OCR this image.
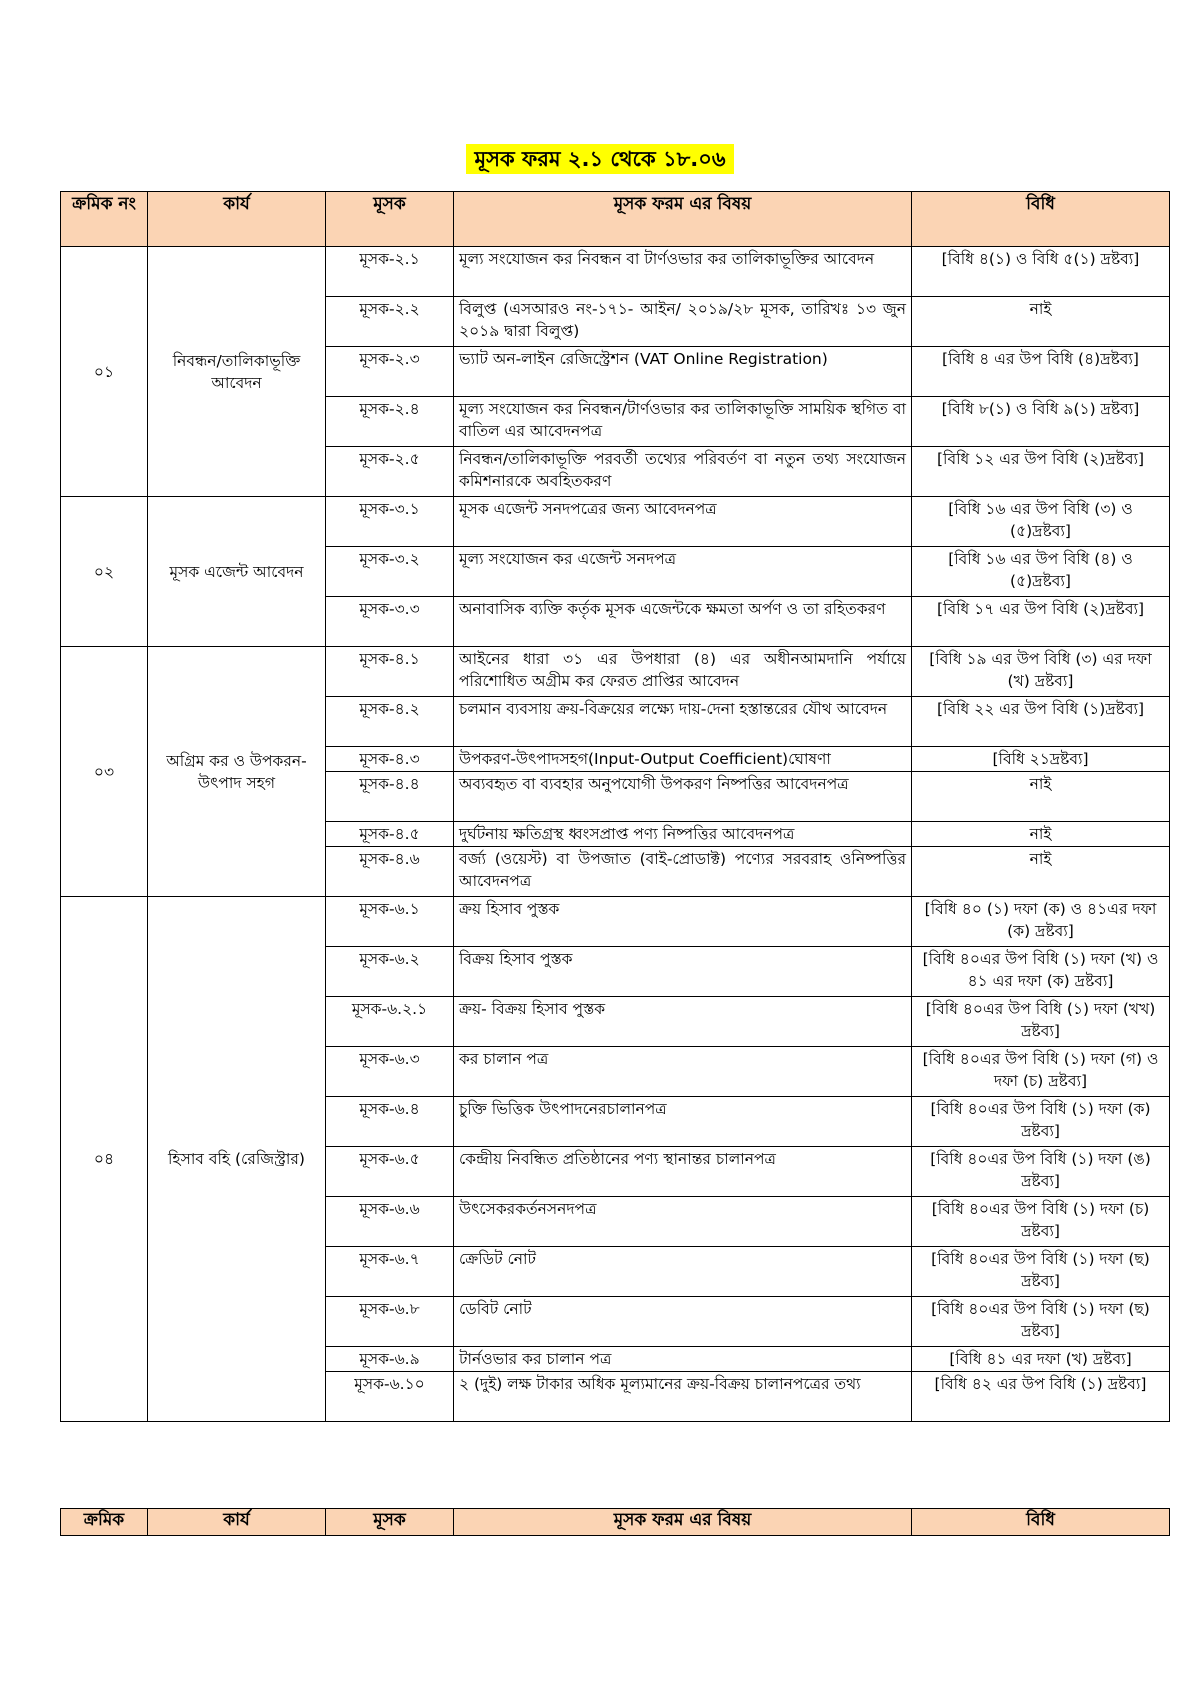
মূসক ফরম ২.১ থেকে ১৮.০৬
ক্রমিক নং	কার্য	মূসক	মূসক ফরম এর বিষয়	বিধি
০১	নিবন্ধন/তালিকাভূক্তি আবেদন	মূসক-২.১	মূল্য সংযোজন কর নিবন্ধন বা টার্ণওভার কর তালিকাভূক্তির আবেদন	[বিধি ৪(১) ও বিধি ৫(১) দ্রষ্টব্য]
		মূসক-২.২	বিলুপ্ত (এসআরও নং-১৭১- আইন/ ২০১৯/২৮ মূসক, তারিখঃ ১৩ জুন ২০১৯ দ্বারা বিলুপ্ত)	নাই
		মূসক-২.৩	ভ্যাট অন-লাইন রেজিস্ট্রেশন (VAT Online Registration)	[বিধি ৪ এর উপ বিধি (৪)দ্রষ্টব্য]
		মূসক-২.৪	মূল্য সংযোজন কর নিবন্ধন/টার্ণওভার কর তালিকাভূক্তি সাময়িক স্থগিত বা বাতিল এর আবেদনপত্র	[বিধি ৮(১) ও বিধি ৯(১) দ্রষ্টব্য]
		মূসক-২.৫	নিবন্ধন/তালিকাভূক্তি পরবর্তী তথ্যের পরিবর্তণ বা নতুন তথ্য সংযোজন কমিশনারকে অবহিতকরণ	[বিধি ১২ এর উপ বিধি (২)দ্রষ্টব্য]
০২	মূসক এজেন্ট আবেদন	মূসক-৩.১	মূসক এজেন্ট সনদপত্রের জন্য আবেদনপত্র	[বিধি ১৬ এর উপ বিধি (৩) ও (৫)দ্রষ্টব্য]
		মূসক-৩.২	মূল্য সংযোজন কর এজেন্ট সনদপত্র	[বিধি ১৬ এর উপ বিধি (৪) ও (৫)দ্রষ্টব্য]
		মূসক-৩.৩	অনাবাসিক ব্যক্তি কর্তৃক মূসক এজেন্টকে ক্ষমতা অর্পণ ও তা রহিতকরণ	[বিধি ১৭ এর উপ বিধি (২)দ্রষ্টব্য]
০৩	অগ্রিম কর ও উপকরন-উৎপাদ সহগ	মূসক-৪.১	আইনের ধারা ৩১ এর উপধারা (৪) এর অধীনআমদানি পর্যায়ে পরিশোধিত অগ্রীম কর ফেরত প্রাপ্তির আবেদন	[বিধি ১৯ এর উপ বিধি (৩) এর দফা (খ) দ্রষ্টব্য]
		মূসক-৪.২	চলমান ব্যবসায় ক্রয়-বিক্রয়ের লক্ষ্যে দায়-দেনা হস্তান্তরের যৌথ আবেদন	[বিধি ২২ এর উপ বিধি (১)দ্রষ্টব্য]
		মূসক-৪.৩	উপকরণ-উৎপাদসহগ(Input-Output Coefficient)ঘোষণা	[বিধি ২১দ্রষ্টব্য]
		মূসক-৪.৪	অব্যবহৃত বা ব্যবহার অনুপযোগী উপকরণ নিষ্পত্তির আবেদনপত্র	নাই
		মূসক-৪.৫	দুর্ঘটনায় ক্ষতিগ্রস্থ ধ্বংসপ্রাপ্ত পণ্য নিষ্পত্তির আবেদনপত্র	নাই
		মূসক-৪.৬	বর্জ্য (ওয়েস্ট) বা উপজাত (বাই-প্রোডাক্ট) পণ্যের সরবরাহ ওনিষ্পত্তির আবেদনপত্র	নাই
০৪	হিসাব বহি (রেজিস্ট্রার)	মূসক-৬.১	ক্রয় হিসাব পুস্তক	[বিধি ৪০ (১) দফা (ক) ও ৪১এর দফা (ক) দ্রষ্টব্য]
		মূসক-৬.২	বিক্রয় হিসাব পুস্তক	[বিধি ৪০এর উপ বিধি (১) দফা (খ) ও ৪১ এর দফা (ক) দ্রষ্টব্য]
		মূসক-৬.২.১	ক্রয়- বিক্রয় হিসাব পুস্তক	[বিধি ৪০এর উপ বিধি (১) দফা (খখ) দ্রষ্টব্য]
		মূসক-৬.৩	কর চালান পত্র	[বিধি ৪০এর উপ বিধি (১) দফা (গ) ও দফা (চ) দ্রষ্টব্য]
		মূসক-৬.৪	চুক্তি ভিত্তিক উৎপাদনেরচালানপত্র	[বিধি ৪০এর উপ বিধি (১) দফা (ক) দ্রষ্টব্য]
		মূসক-৬.৫	কেন্দ্রীয় নিবন্ধিত প্রতিষ্ঠানের পণ্য স্থানান্তর চালানপত্র	[বিধি ৪০এর উপ বিধি (১) দফা (ঙ) দ্রষ্টব্য]
		মূসক-৬.৬	উৎসেকরকর্তনসনদপত্র	[বিধি ৪০এর উপ বিধি (১) দফা (চ) দ্রষ্টব্য]
		মূসক-৬.৭	ক্রেডিট নোট	[বিধি ৪০এর উপ বিধি (১) দফা (ছ) দ্রষ্টব্য]
		মূসক-৬.৮	ডেবিট নোট	[বিধি ৪০এর উপ বিধি (১) দফা (ছ) দ্রষ্টব্য]
		মূসক-৬.৯	টার্নওভার কর চালান পত্র	[বিধি ৪১ এর দফা (খ) দ্রষ্টব্য]
		মূসক-৬.১০	২ (দুই) লক্ষ টাকার অধিক মূল্যমানের ক্রয়-বিক্রয় চালানপত্রের তথ্য	[বিধি ৪২ এর উপ বিধি (১) দ্রষ্টব্য]
ক্রমিক	কার্য	মূসক	মূসক ফরম এর বিষয়	বিধি
